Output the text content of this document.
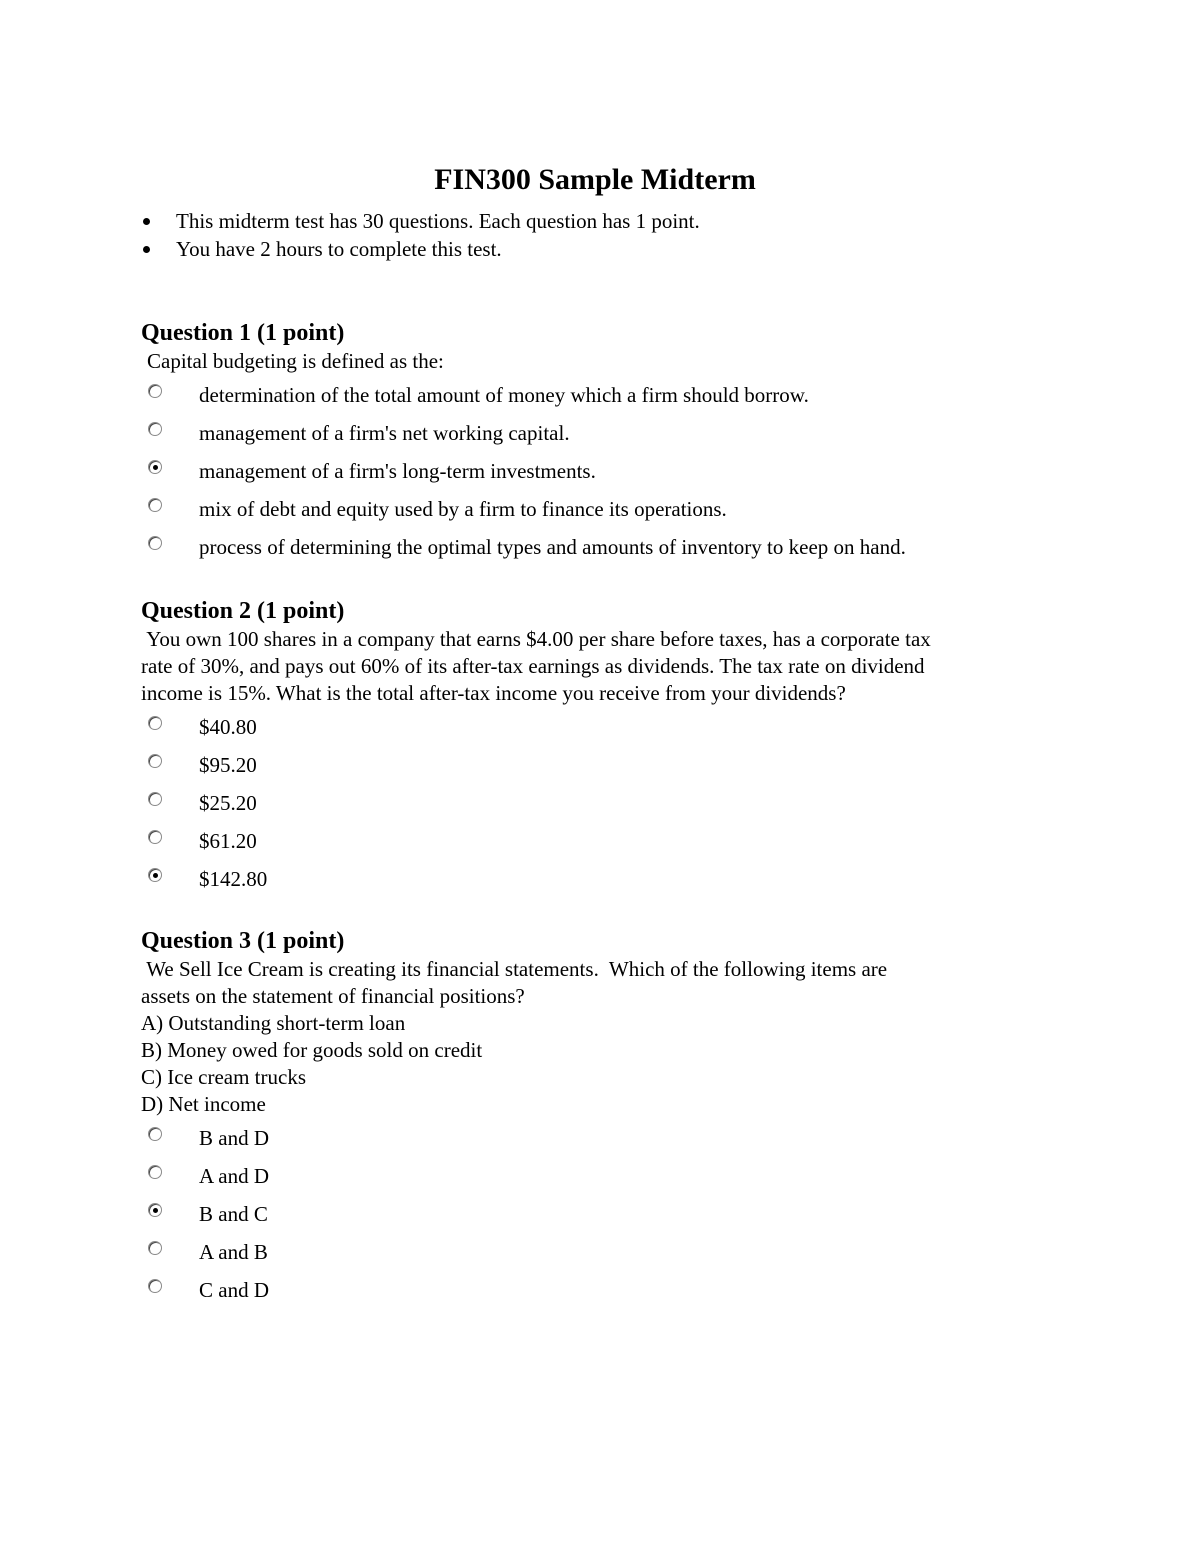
FIN300 Sample Midterm
This midterm test has 30 questions. Each question has 1 point.
You have 2 hours to complete this test.
Question 1 (1 point)
Capital budgeting is defined as the:
determination of the total amount of money which a firm should borrow.
management of a firm's net working capital.
management of a firm's long-term investments.
mix of debt and equity used by a firm to finance its operations.
process of determining the optimal types and amounts of inventory to keep on hand.
Question 2 (1 point)
You own 100 shares in a company that earns $4.00 per share before taxes, has a corporate tax
rate of 30%, and pays out 60% of its after-tax earnings as dividends. The tax rate on dividend
income is 15%. What is the total after-tax income you receive from your dividends?
$40.80
$95.20
$25.20
$61.20
$142.80
Question 3 (1 point)
We Sell Ice Cream is creating its financial statements.  Which of the following items are
assets on the statement of financial positions?
A) Outstanding short-term loan
B) Money owed for goods sold on credit
C) Ice cream trucks
D) Net income
B and D
A and D
B and C
A and B
C and D
